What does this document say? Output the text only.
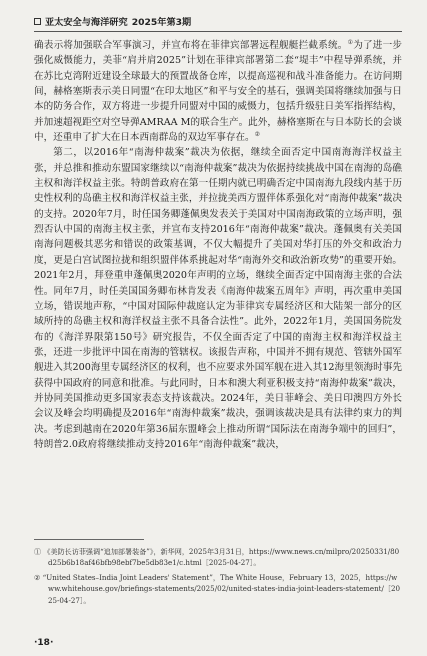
亚太安全与海洋研究 2025年第3期

确表示将加强联合军事演习，并宣布将在菲律宾部署远程舰艇拦截系统。①为了进一步强化威慑能力，美菲“肩并肩2025”计划在菲律宾部署第二套“堤丰”中程导弹系统，并在苏比克湾附近建设全球最大的预置战备仓库，以提高巡视和战斗准备能力。在访问期间，赫格塞斯表示美日同盟“在印太地区”和平与安全的基石，强调美国将继续加强与日本的防务合作，双方将进一步提升同盟对中国的威慑力，包括升级驻日美军指挥结构，并加速超视距空对空导弹AMRAA M的联合生产。此外，赫格塞斯在与日本防长的会谈中，还重申了扩大在日本西南群岛的双边军事存在。②

第二，以2016年“南海仲裁案”裁决为依据，继续全面否定中国南海海洋权益主张，并总推和推动东盟国家继续以“南海仲裁案”裁决为依据持续挑战中国在南海的岛礁主权和海洋权益主张。特朗普政府在第一任期内就已明确否定中国南海九段线内基于历史性权利的岛礁主权和海洋权益主张，并拉拢美西方盟伴体系强化对“南海仲裁案”裁决的支持。2020年7月，时任国务卿蓬佩奥发表关于美国对中国南海政策的立场声明，强烈否认中国的南海主权主张，并宣布支持2016年“南海仲裁案”裁决。蓬佩奥有关美国南海问题极其恶劣和错误的政策基调，不仅大幅提升了美国对华打压的外交和政治力度，更是白宫试图拉拢和组织盟伴体系挑起对华“南海外交和政治新攻势”的重要开始。2021年2月，拜登重申蓬佩奥2020年声明的立场，继续全面否定中国南海主张的合法性。同年7月，时任美国国务卿布林肯发表《南海仲裁案五周年》声明，再次重申美国立场，错误地声称，“中国对国际仲裁庭认定为菲律宾专属经济区和大陆架一部分的区域所持的岛礁主权和海洋权益主张不具备合法性”。此外，2022年1月，美国国务院发布的《海洋界限第150号》研究报告，不仅全面否定了中国的南海主权和海洋权益主张，还进一步批评中国在南海的管辖权。该报告声称，中国并不拥有规范、管辖外国军舰进入其200海里专属经济区的权利，也不应要求外国军舰在进入其12海里领海时事先获得中国政府的同意和批准。与此同时，日本和澳大利亚积极支持“南海仲裁案”裁决，并协同美国推动更多国家表态支持该裁决。2024年，美日菲峰会、美日印澳四方外长会议及峰会均明确提及2016年“南海仲裁案”裁决，强调该裁决是具有法律约束力的判决。考虑到越南在2020年第36届东盟峰会上推动所谓“国际法在南海争端中的回归”，特朗普2.0政府将继续推动支持2016年“南海仲裁案”裁决，

① 《美防长访菲强调“追加部署装备”》，新华网，2025年3月31日，https://www.news.cn/milpro/20250331/80d25b6b18af46bfb98ebf7be5db83e1/c.html［2025-04-27］。

② “United States–India Joint Leaders' Statement”，The White House，February 13，2025，https://www.whitehouse.gov/briefings-statements/2025/02/united-states-india-joint-leaders-statement/［2025-04-27］。

·18·
